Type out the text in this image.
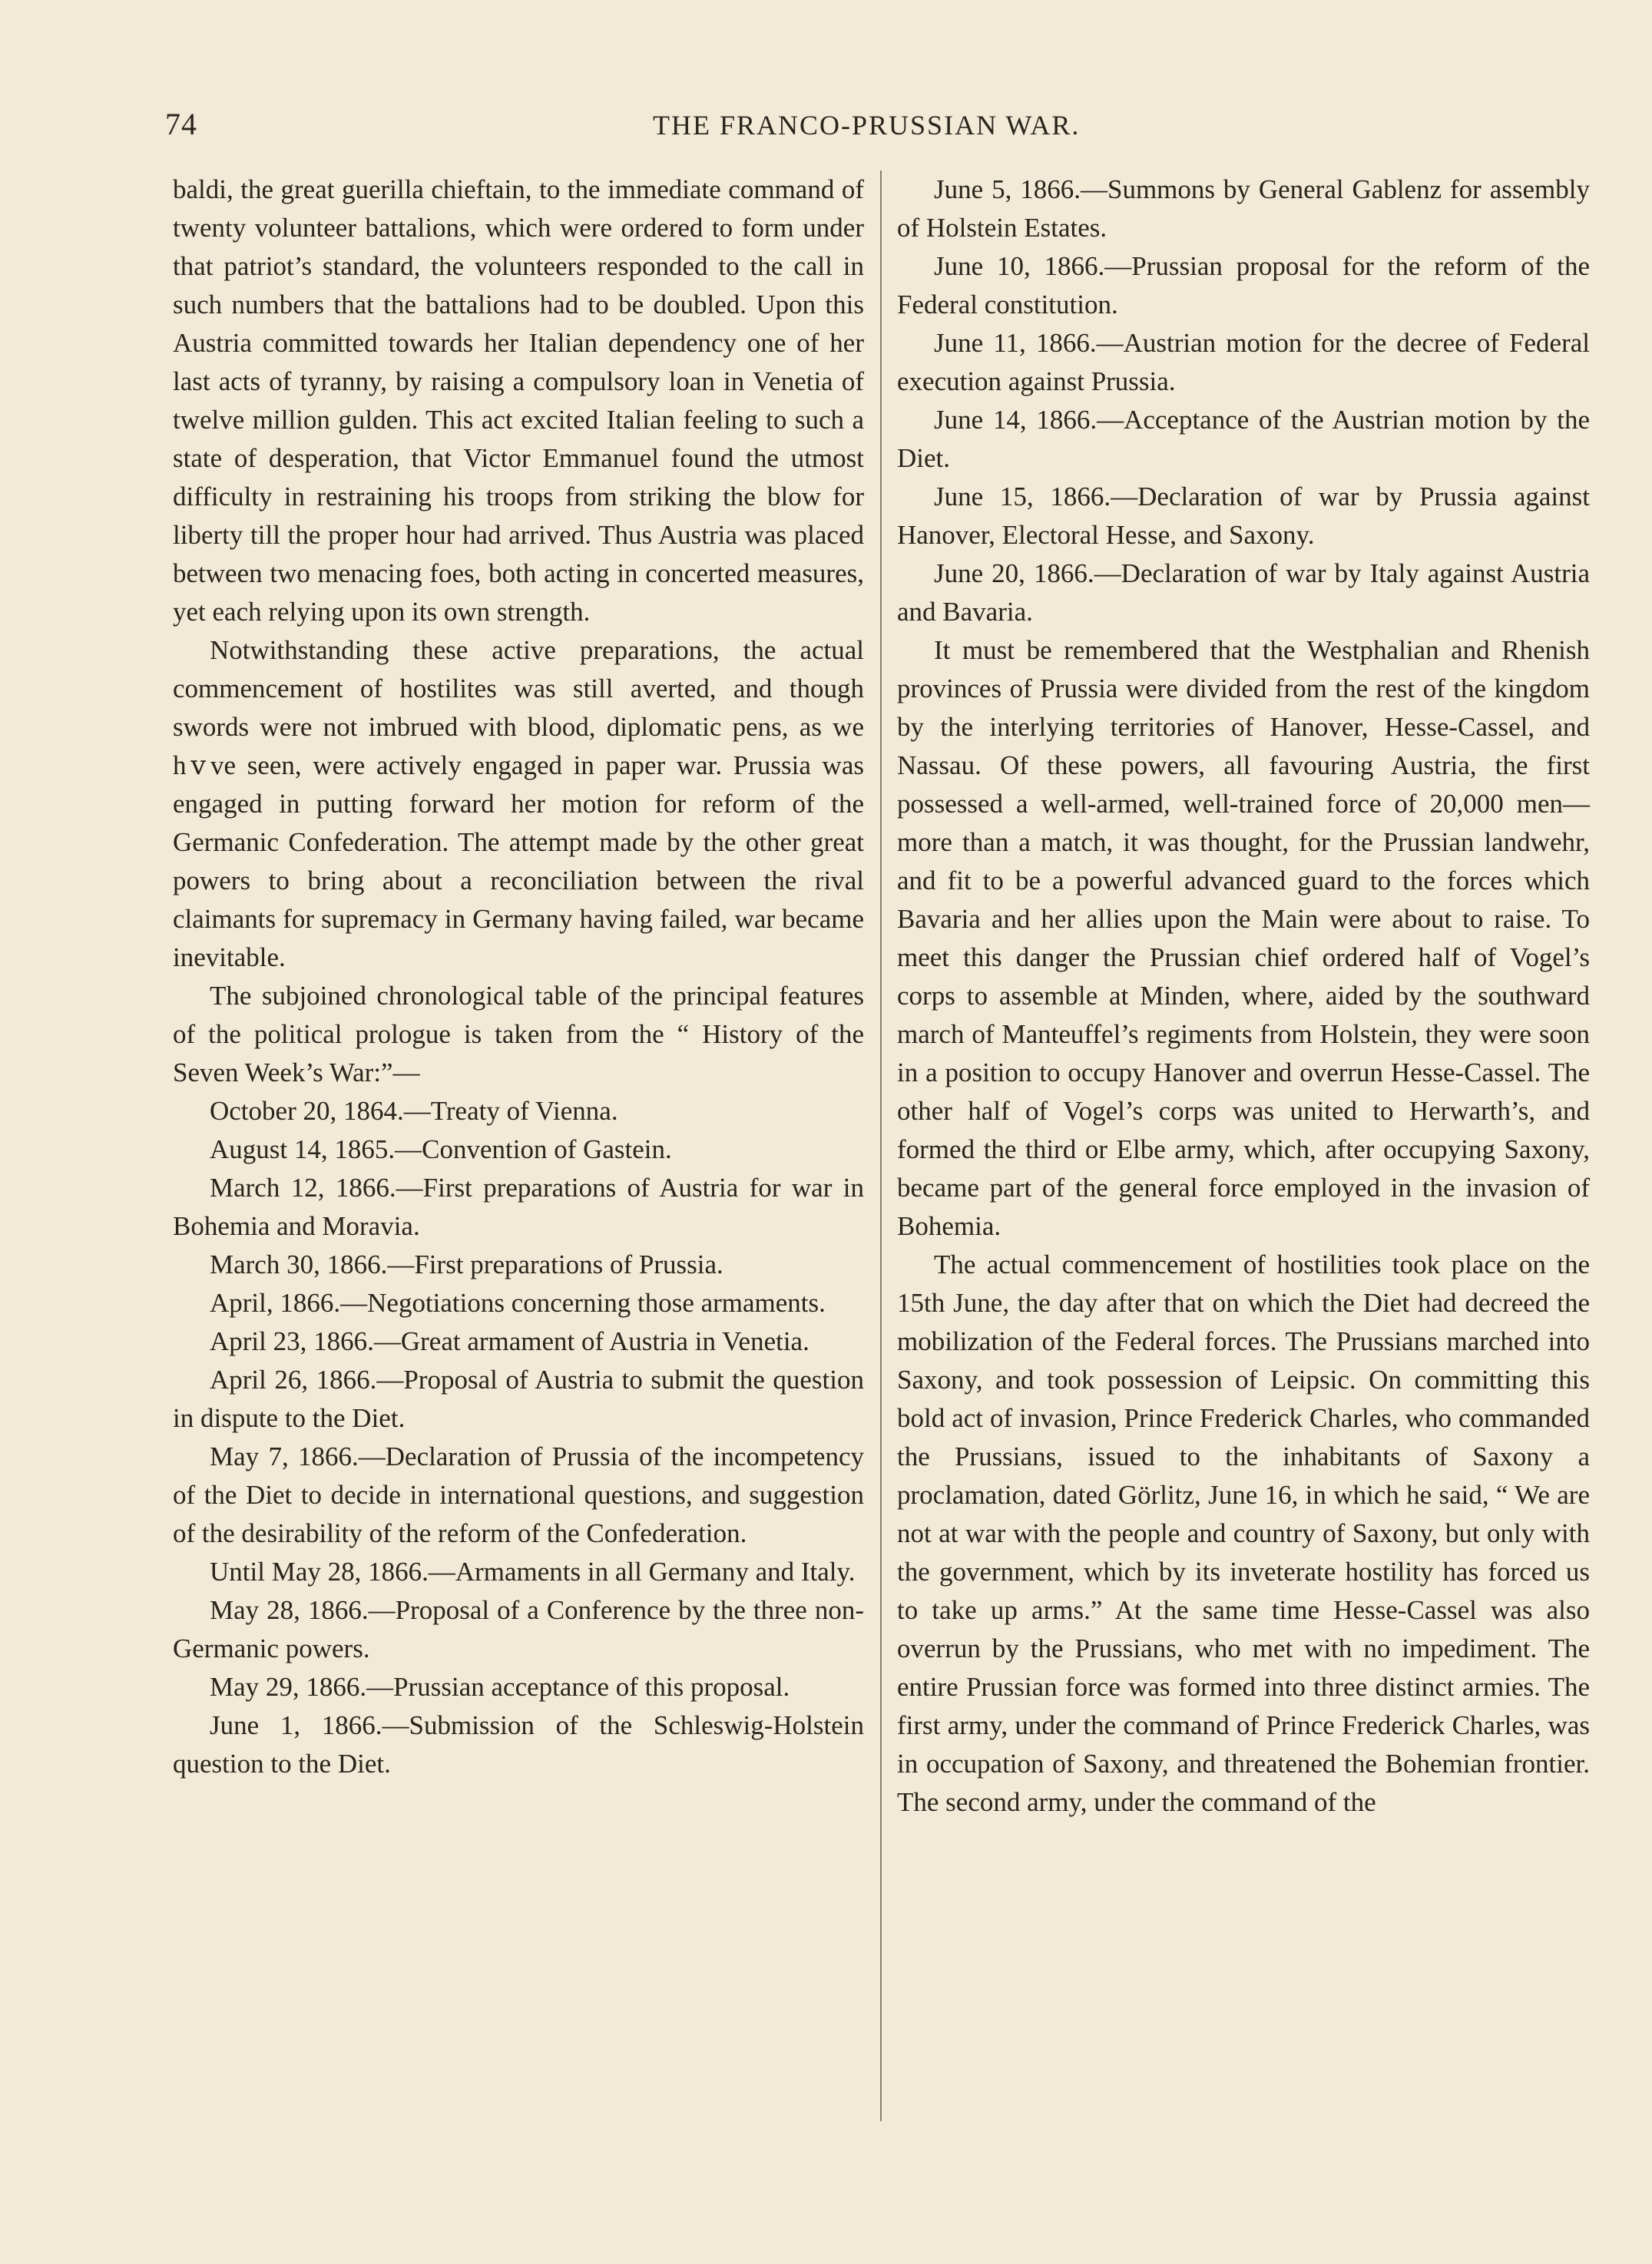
74	THE FRANCO-PRUSSIAN WAR.

baldi, the great guerilla chieftain, to the immediate command of twenty volunteer battalions, which were ordered to form under that patriot’s standard, the volunteers responded to the call in such numbers that the battalions had to be doubled. Upon this Austria committed towards her Italian dependency one of her last acts of tyranny, by raising a compulsory loan in Venetia of twelve million gulden. This act excited Italian feeling to such a state of desperation, that Victor Emmanuel found the utmost difficulty in restraining his troops from striking the blow for liberty till the proper hour had arrived. Thus Austria was placed between two menacing foes, both acting in concerted measures, yet each relying upon its own strength.

Notwithstanding these active preparations, the actual commencement of hostilites was still averted, and though swords were not imbrued with blood, diplomatic pens, as we hⅴve seen, were actively engaged in paper war. Prussia was engaged in putting forward her motion for reform of the Germanic Confederation. The attempt made by the other great powers to bring about a reconciliation between the rival claimants for supremacy in Germany having failed, war became inevitable.

The subjoined chronological table of the principal features of the political prologue is taken from the “ History of the Seven Week’s War:”—

October 20, 1864.—Treaty of Vienna.

August 14, 1865.—Convention of Gastein.

March 12, 1866.—First preparations of Austria for war in Bohemia and Moravia.

March 30, 1866.—First preparations of Prussia.

April, 1866.—Negotiations concerning those armaments.

April 23, 1866.—Great armament of Austria in Venetia.

April 26, 1866.—Proposal of Austria to submit the question in dispute to the Diet.

May 7, 1866.—Declaration of Prussia of the incompetency of the Diet to decide in international questions, and suggestion of the desirability of the reform of the Confederation.

Until May 28, 1866.—Armaments in all Germany and Italy.

May 28, 1866.—Proposal of a Conference by the three non-Germanic powers.

May 29, 1866.—Prussian acceptance of this proposal.

June 1, 1866.—Submission of the Schleswig-Holstein question to the Diet.

June 5, 1866.—Summons by General Gablenz for assembly of Holstein Estates.

June 10, 1866.—Prussian proposal for the reform of the Federal constitution.

June 11, 1866.—Austrian motion for the decree of Federal execution against Prussia.

June 14, 1866.—Acceptance of the Austrian motion by the Diet.

June 15, 1866.—Declaration of war by Prussia against Hanover, Electoral Hesse, and Saxony.

June 20, 1866.—Declaration of war by Italy against Austria and Bavaria.

It must be remembered that the Westphalian and Rhenish provinces of Prussia were divided from the rest of the kingdom by the interlying territories of Hanover, Hesse-Cassel, and Nassau. Of these powers, all favouring Austria, the first possessed a well-armed, well-trained force of 20,000 men—more than a match, it was thought, for the Prussian landwehr, and fit to be a powerful advanced guard to the forces which Bavaria and her allies upon the Main were about to raise. To meet this danger the Prussian chief ordered half of Vogel’s corps to assemble at Minden, where, aided by the southward march of Manteuffel’s regiments from Holstein, they were soon in a position to occupy Hanover and overrun Hesse-Cassel. The other half of Vogel’s corps was united to Herwarth’s, and formed the third or Elbe army, which, after occupying Saxony, became part of the general force employed in the invasion of Bohemia.

The actual commencement of hostilities took place on the 15th June, the day after that on which the Diet had decreed the mobilization of the Federal forces. The Prussians marched into Saxony, and took possession of Leipsic. On committing this bold act of invasion, Prince Frederick Charles, who commanded the Prussians, issued to the inhabitants of Saxony a proclamation, dated Görlitz, June 16, in which he said, “ We are not at war with the people and country of Saxony, but only with the government, which by its inveterate hostility has forced us to take up arms.” At the same time Hesse-Cassel was also overrun by the Prussians, who met with no impediment. The entire Prussian force was formed into three distinct armies. The first army, under the command of Prince Frederick Charles, was in occupation of Saxony, and threatened the Bohemian frontier. The second army, under the command of the
